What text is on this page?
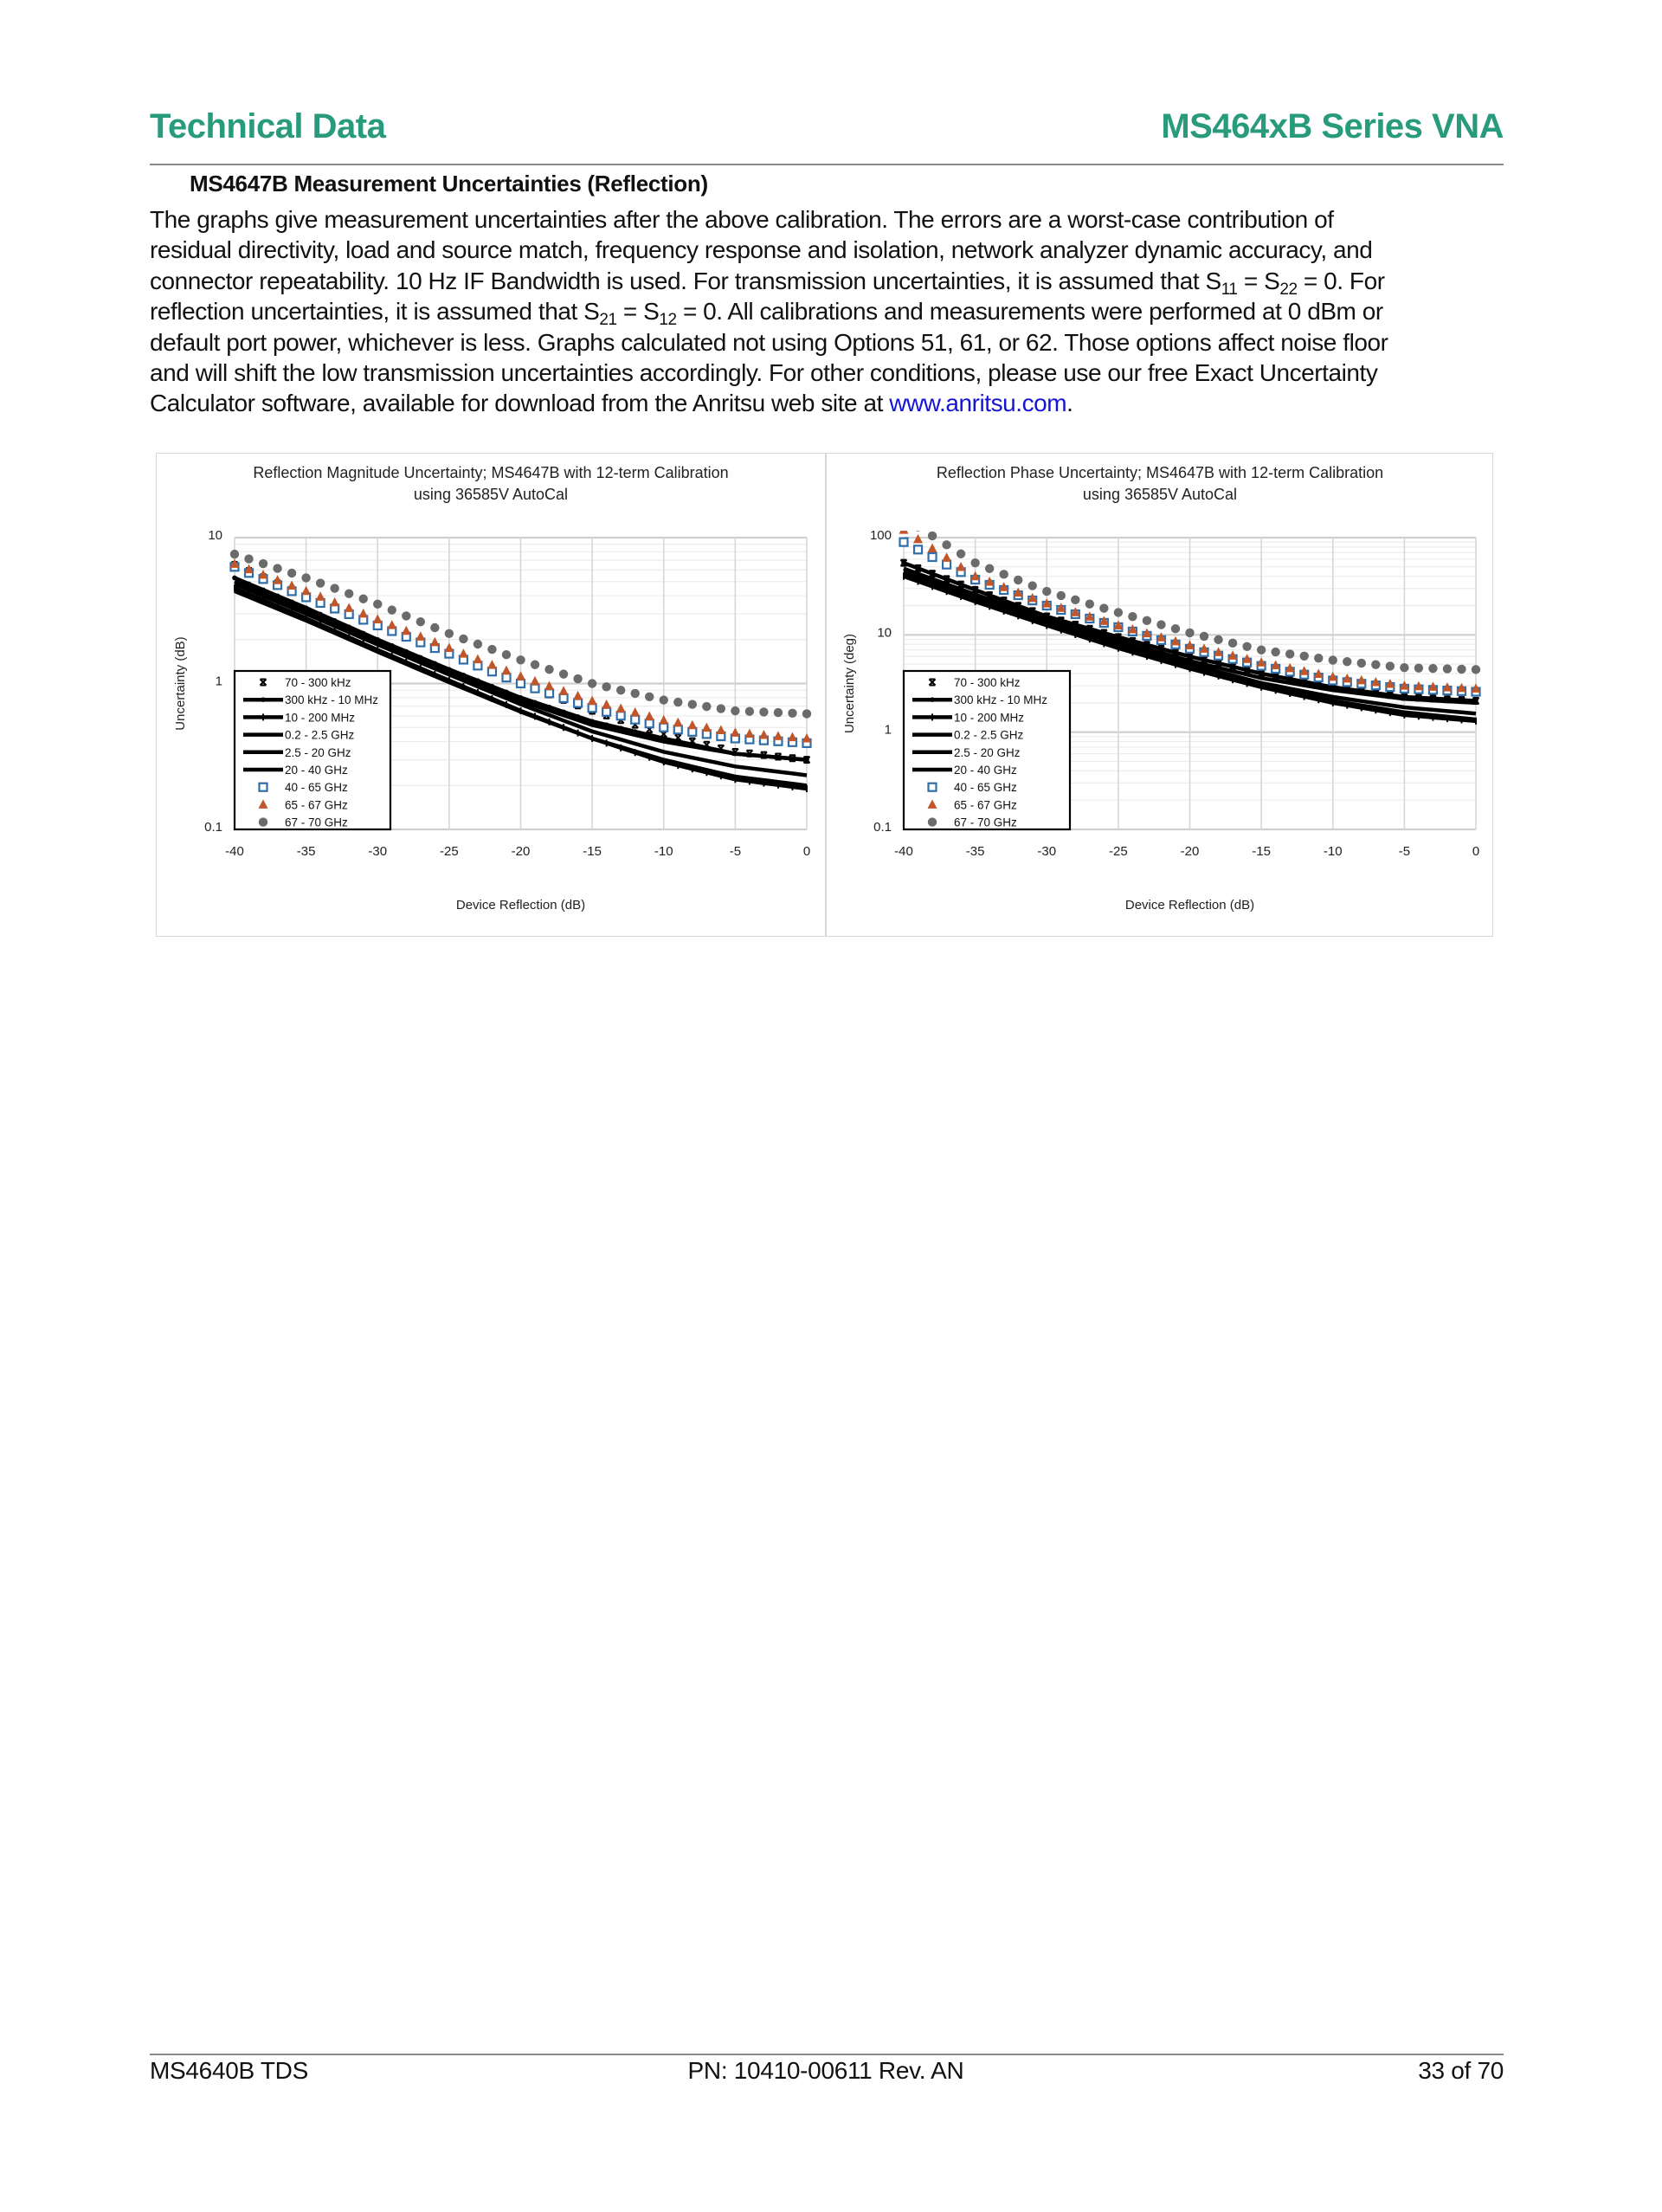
Technical Data	MS464xB Series VNA
MS4647B Measurement Uncertainties (Reflection)
The graphs give measurement uncertainties after the above calibration. The errors are a worst-case contribution of
residual directivity, load and source match, frequency response and isolation, network analyzer dynamic accuracy, and
connector repeatability. 10 Hz IF Bandwidth is used. For transmission uncertainties, it is assumed that $S_{11} = S_{22} = 0$. For
reflection uncertainties, it is assumed that $S_{21} = S_{12} = 0$. All calibrations and measurements were performed at 0 dBm or
default port power, whichever is less. Graphs calculated not using Options 51, 61, or 62. Those options affect noise floor
and will shift the low transmission uncertainties accordingly. For other conditions, please use our free Exact Uncertainty
Calculator software, available for download from the Anritsu web site at www.anritsu.com.
Reflection Magnitude Uncertainty; MS4647B with 12-term Calibration
using 36585V AutoCal
-40	-35	-30	-25	-20	-15	-10	-5	0
10
1
0.1
Device Reflection (dB)
Uncertainty (dB)	70 - 300 kHz
300 kHz - 10 MHz
10 - 200 MHz
0.2 - 2.5 GHz
2.5 - 20 GHz
20 - 40 GHz
40 - 65 GHz
65 - 67 GHz
67 - 70 GHz
Reflection Phase Uncertainty; MS4647B with 12-term Calibration
using 36585V AutoCal
-40	-35	-30	-25	-20	-15	-10	-5	0
100
10
1
0.1
Device Reflection (dB)
Uncertainty (deg)	70 - 300 kHz
300 kHz - 10 MHz
10 - 200 MHz
0.2 - 2.5 GHz
2.5 - 20 GHz
20 - 40 GHz
40 - 65 GHz
65 - 67 GHz
67 - 70 GHz
MS4640B TDS	PN: 10410-00611 Rev. AN	33 of 70
